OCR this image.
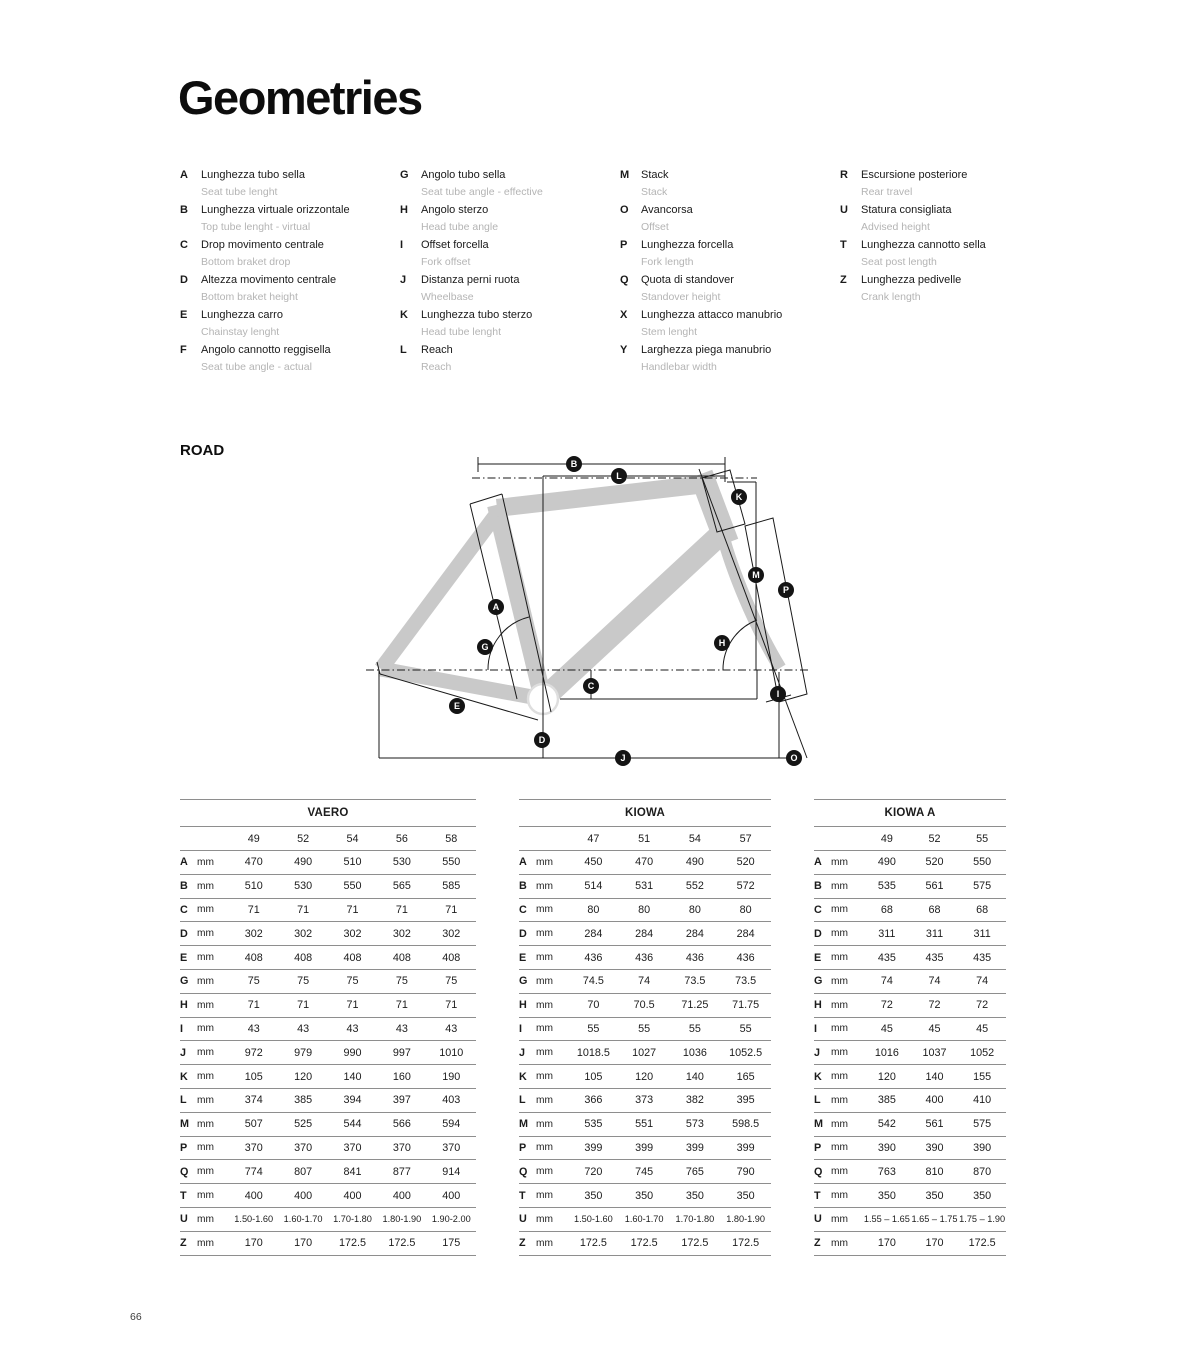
Geometries
A Lunghezza tubo sella
Seat tube lenght
B Lunghezza virtuale orizzontale
Top tube lenght - virtual
C Drop movimento centrale
Bottom braket drop
D Altezza movimento centrale
Bottom braket height
E Lunghezza carro
Chainstay lenght
F Angolo cannotto reggisella
Seat tube angle - actual
G Angolo tubo sella
Seat tube angle - effective
H Angolo sterzo
Head tube angle
I Offset forcella
Fork offset
J Distanza perni ruota
Wheelbase
K Lunghezza tubo sterzo
Head tube lenght
L Reach
Reach
M Stack
Stack
O Avancorsa
Offset
P Lunghezza forcella
Fork length
Q Quota di standover
Standover height
X Lunghezza attacco manubrio
Stem lenght
Y Larghezza piega manubrio
Handlebar width
R Escursione posteriore
Rear travel
U Statura consigliata
Advised height
T Lunghezza cannotto sella
Seat post length
Z Lunghezza pedivelle
Crank length
ROAD
B
L
K
A
G
M
P
H
C
I
E
D
J	O
VAERO						
		49	52	54	56	58
A	mm	470	490	510	530	550
B	mm	510	530	550	565	585
C	mm	71	71	71	71	71
D	mm	302	302	302	302	302
E	mm	408	408	408	408	408
G	mm	75	75	75	75	75
H	mm	71	71	71	71	71
I	mm	43	43	43	43	43
J	mm	972	979	990	997	1010
K	mm	105	120	140	160	190
L	mm	374	385	394	397	403
M	mm	507	525	544	566	594
P	mm	370	370	370	370	370
Q	mm	774	807	841	877	914
T	mm	400	400	400	400	400
U	mm	1.50-1.60	1.60-1.70	1.70-1.80	1.80-1.90	1.90-2.00
Z	mm	170	170	172.5	172.5	175
KIOWA					
		47	51	54	57
A	mm	450	470	490	520
B	mm	514	531	552	572
C	mm	80	80	80	80
D	mm	284	284	284	284
E	mm	436	436	436	436
G	mm	74.5	74	73.5	73.5
H	mm	70	70.5	71.25	71.75
I	mm	55	55	55	55
J	mm	1018.5	1027	1036	1052.5
K	mm	105	120	140	165
L	mm	366	373	382	395
M	mm	535	551	573	598.5
P	mm	399	399	399	399
Q	mm	720	745	765	790
T	mm	350	350	350	350
U	mm	1.50-1.60	1.60-1.70	1.70-1.80	1.80-1.90
Z	mm	172.5	172.5	172.5	172.5
KIOWA A				
		49	52	55
A	mm	490	520	550
B	mm	535	561	575
C	mm	68	68	68
D	mm	311	311	311
E	mm	435	435	435
G	mm	74	74	74
H	mm	72	72	72
I	mm	45	45	45
J	mm	1016	1037	1052
K	mm	120	140	155
L	mm	385	400	410
M	mm	542	561	575
P	mm	390	390	390
Q	mm	763	810	870
T	mm	350	350	350
U	mm	1.55 – 1.65	1.65 – 1.75	1.75 – 1.90
Z	mm	170	170	172.5
66
